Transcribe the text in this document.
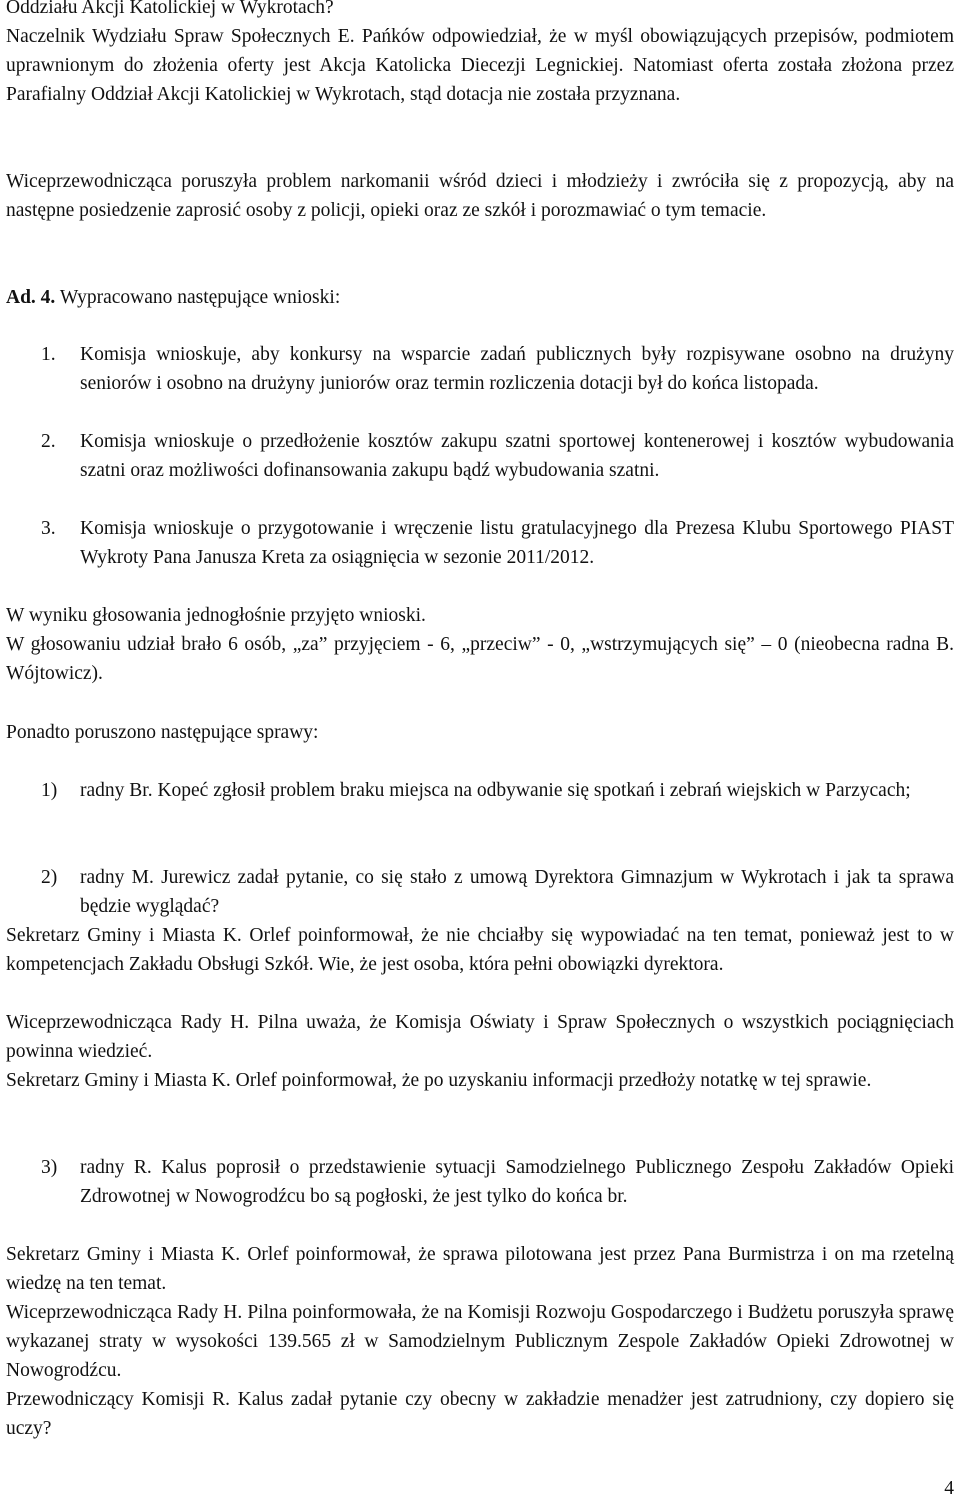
Oddziału Akcji Katolickiej w Wykrotach?

Naczelnik Wydziału Spraw Społecznych E. Pańków odpowiedział, że w myśl obowiązujących przepisów, podmiotem uprawnionym do złożenia oferty jest Akcja Katolicka Diecezji Legnickiej. Natomiast oferta została złożona przez Parafialny Oddział Akcji Katolickiej w Wykrotach, stąd dotacja nie została przyznana.

Wiceprzewodnicząca poruszyła problem narkomanii wśród dzieci i młodzieży i zwróciła się z propozycją, aby na następne posiedzenie zaprosić osoby z policji, opieki oraz ze szkół i porozmawiać o tym temacie.

Ad. 4. Wypracowano następujące wnioski:

1. Komisja wnioskuje, aby konkursy na wsparcie zadań publicznych były rozpisywane osobno na drużyny seniorów i osobno na drużyny juniorów oraz termin rozliczenia dotacji był do końca listopada.

2. Komisja wnioskuje o przedłożenie kosztów zakupu szatni sportowej kontenerowej i kosztów wybudowania szatni oraz możliwości dofinansowania zakupu bądź wybudowania szatni.

3. Komisja wnioskuje o przygotowanie i wręczenie listu gratulacyjnego dla Prezesa Klubu Sportowego PIAST Wykroty Pana Janusza Kreta za osiągnięcia w sezonie 2011/2012.

W wyniku głosowania jednogłośnie przyjęto wnioski.

W głosowaniu udział brało 6 osób, „za” przyjęciem - 6, „przeciw” - 0, „wstrzymujących się” – 0 (nieobecna radna B. Wójtowicz).

Ponadto poruszono następujące sprawy:

1) radny Br. Kopeć zgłosił problem braku miejsca na odbywanie się spotkań i zebrań wiejskich w Parzycach;

2) radny M. Jurewicz zadał pytanie, co się stało z umową Dyrektora Gimnazjum w Wykrotach i jak ta sprawa będzie wyglądać?

Sekretarz Gminy i Miasta K. Orlef poinformował, że nie chciałby się wypowiadać na ten temat, ponieważ jest to w kompetencjach Zakładu Obsługi Szkół. Wie, że jest osoba, która pełni obowiązki dyrektora.

Wiceprzewodnicząca Rady H. Pilna uważa, że Komisja Oświaty i Spraw Społecznych o wszystkich pociągnięciach powinna wiedzieć.

Sekretarz Gminy i Miasta K. Orlef poinformował, że po uzyskaniu informacji przedłoży notatkę w tej sprawie.

3) radny R. Kalus poprosił o przedstawienie sytuacji Samodzielnego Publicznego Zespołu Zakładów Opieki Zdrowotnej w Nowogrodźcu bo są pogłoski, że jest tylko do końca br.

Sekretarz Gminy i Miasta K. Orlef poinformował, że sprawa pilotowana jest przez Pana Burmistrza i on ma rzetelną wiedzę na ten temat.

Wiceprzewodnicząca Rady H. Pilna poinformowała, że na Komisji Rozwoju Gospodarczego i Budżetu poruszyła sprawę wykazanej straty w wysokości 139.565 zł w Samodzielnym Publicznym Zespole Zakładów Opieki Zdrowotnej w Nowogrodźcu.

Przewodniczący Komisji R. Kalus zadał pytanie czy obecny w zakładzie menadżer jest zatrudniony, czy dopiero się uczy?

4
